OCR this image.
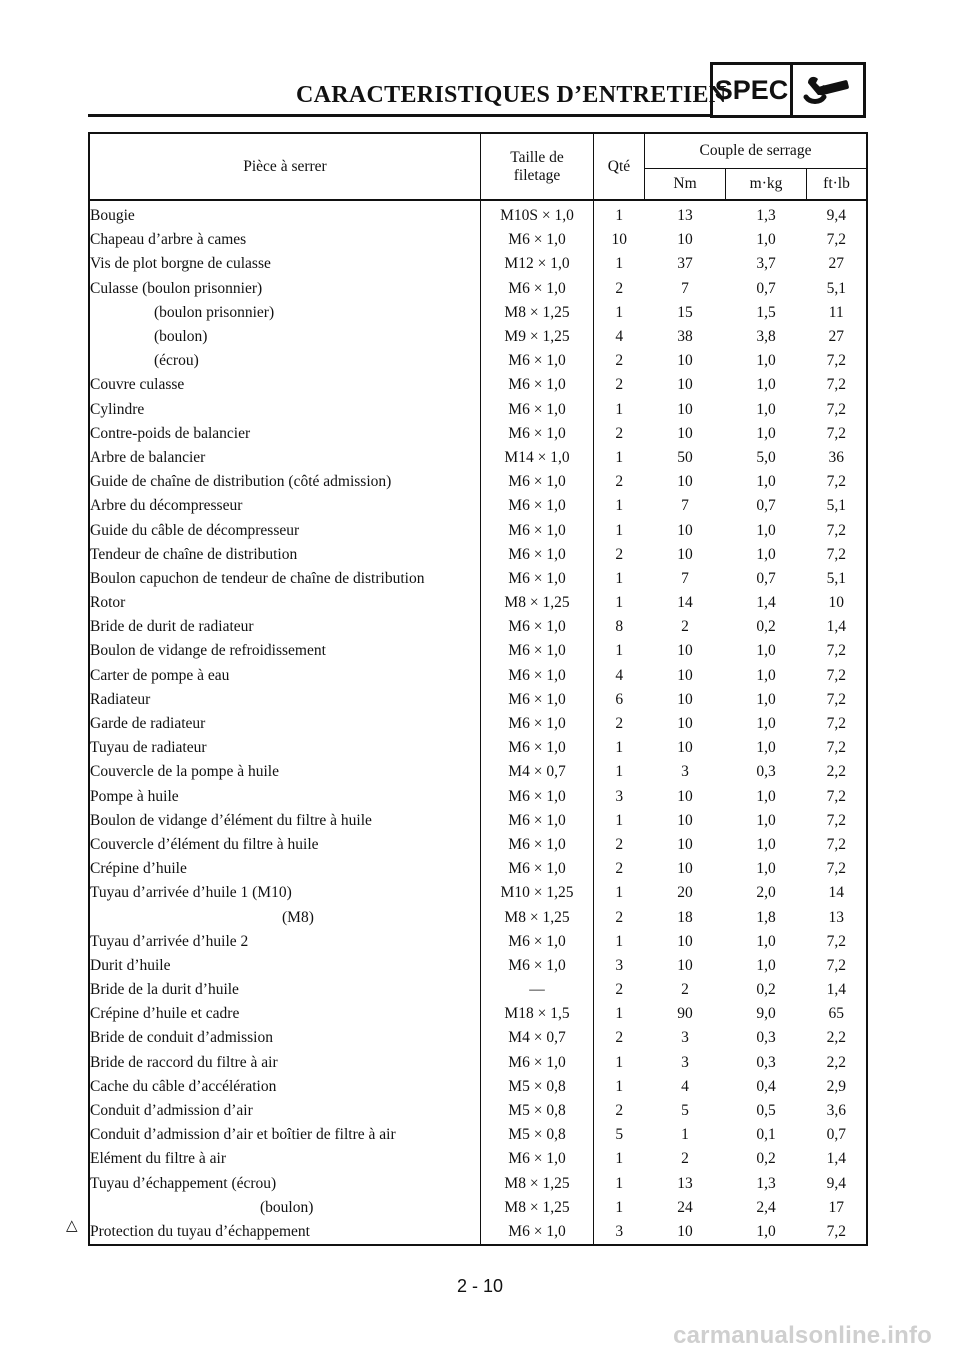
CARACTERISTIQUES D’ENTRETIEN
SPEC
Pièce à serrer	Taille de
filetage	Qté	Couple de serrage		
			Nm	m·kg	ft·lb
Bougie	M10S × 1,0	1	13	1,3	9,4
Chapeau d’arbre à cames	M6 × 1,0	10	10	1,0	7,2
Vis de plot borgne de culasse	M12 × 1,0	1	37	3,7	27
Culasse (boulon prisonnier)	M6 × 1,0	2	7	0,7	5,1
(boulon prisonnier)	M8 × 1,25	1	15	1,5	11
(boulon)	M9 × 1,25	4	38	3,8	27
(écrou)	M6 × 1,0	2	10	1,0	7,2
Couvre culasse	M6 × 1,0	2	10	1,0	7,2
Cylindre	M6 × 1,0	1	10	1,0	7,2
Contre-poids de balancier	M6 × 1,0	2	10	1,0	7,2
Arbre de balancier	M14 × 1,0	1	50	5,0	36
Guide de chaîne de distribution (côté admission)	M6 × 1,0	2	10	1,0	7,2
Arbre du décompresseur	M6 × 1,0	1	7	0,7	5,1
Guide du câble de décompresseur	M6 × 1,0	1	10	1,0	7,2
Tendeur de chaîne de distribution	M6 × 1,0	2	10	1,0	7,2
Boulon capuchon de tendeur de chaîne de distribution	M6 × 1,0	1	7	0,7	5,1
Rotor	M8 × 1,25	1	14	1,4	10
Bride de durit de radiateur	M6 × 1,0	8	2	0,2	1,4
Boulon de vidange de refroidissement	M6 × 1,0	1	10	1,0	7,2
Carter de pompe à eau	M6 × 1,0	4	10	1,0	7,2
Radiateur	M6 × 1,0	6	10	1,0	7,2
Garde de radiateur	M6 × 1,0	2	10	1,0	7,2
Tuyau de radiateur	M6 × 1,0	1	10	1,0	7,2
Couvercle de la pompe à huile	M4 × 0,7	1	3	0,3	2,2
Pompe à huile	M6 × 1,0	3	10	1,0	7,2
Boulon de vidange d’élément du filtre à huile	M6 × 1,0	1	10	1,0	7,2
Couvercle d’élément du filtre à huile	M6 × 1,0	2	10	1,0	7,2
Crépine d’huile	M6 × 1,0	2	10	1,0	7,2
Tuyau d’arrivée d’huile 1 (M10)	M10 × 1,25	1	20	2,0	14
(M8)	M8 × 1,25	2	18	1,8	13
Tuyau d’arrivée d’huile 2	M6 × 1,0	1	10	1,0	7,2
Durit d’huile	M6 × 1,0	3	10	1,0	7,2
Bride de la durit d’huile	—	2	2	0,2	1,4
Crépine d’huile et cadre	M18 × 1,5	1	90	9,0	65
Bride de conduit d’admission	M4 × 0,7	2	3	0,3	2,2
Bride de raccord du filtre à air	M6 × 1,0	1	3	0,3	2,2
Cache du câble d’accélération	M5 × 0,8	1	4	0,4	2,9
Conduit d’admission d’air	M5 × 0,8	2	5	0,5	3,6
Conduit d’admission d’air et boîtier de filtre à air	M5 × 0,8	5	1	0,1	0,7
Elément du filtre à air	M6 × 1,0	1	2	0,2	1,4
Tuyau d’échappement (écrou)	M8 × 1,25	1	13	1,3	9,4
(boulon)	M8 × 1,25	1	24	2,4	17
Protection du tuyau d’échappement	M6 × 1,0	3	10	1,0	7,2
△
2 - 10
carmanualsonline.info
